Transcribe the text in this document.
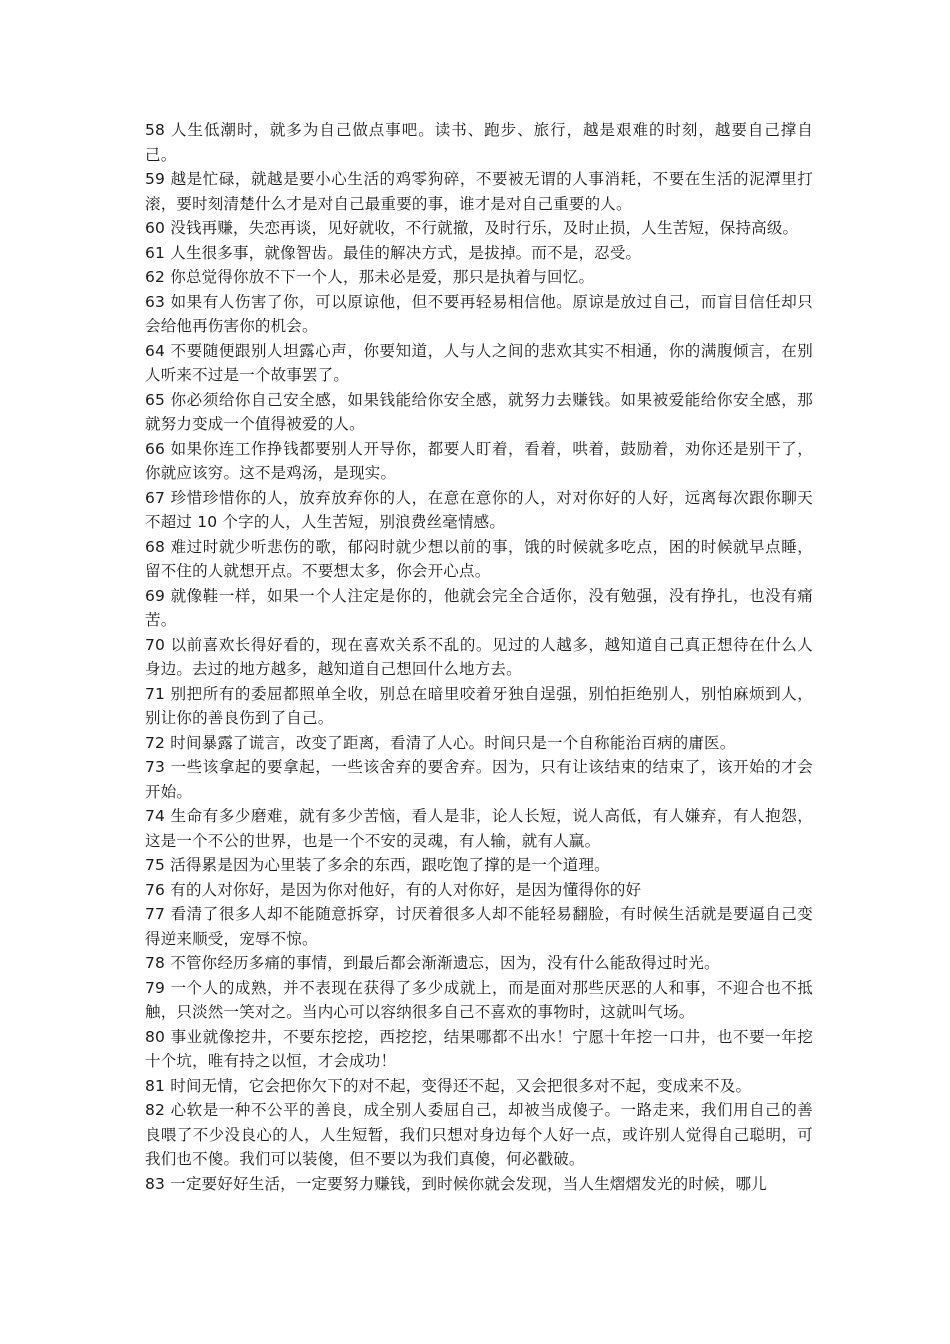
58 人生低潮时，就多为自己做点事吧。读书、跑步、旅行，越是艰难的时刻，越要自己撑自己。

59 越是忙碌，就越是要小心生活的鸡零狗碎，不要被无谓的人事消耗，不要在生活的泥潭里打滚，要时刻清楚什么才是对自己最重要的事，谁才是对自己重要的人。

60 没钱再赚，失恋再谈，见好就收，不行就撤，及时行乐，及时止损，人生苦短，保持高级。

61 人生很多事，就像智齿。最佳的解决方式，是拔掉。而不是，忍受。

62 你总觉得你放不下一个人，那未必是爱，那只是执着与回忆。

63 如果有人伤害了你，可以原谅他，但不要再轻易相信他。原谅是放过自己，而盲目信任却只会给他再伤害你的机会。

64 不要随便跟别人坦露心声，你要知道，人与人之间的悲欢其实不相通，你的满腹倾言，在别人听来不过是一个故事罢了。

65 你必须给你自己安全感，如果钱能给你安全感，就努力去赚钱。如果被爱能给你安全感，那就努力变成一个值得被爱的人。

66 如果你连工作挣钱都要别人开导你，都要人盯着，看着，哄着，鼓励着，劝你还是别干了，你就应该穷。这不是鸡汤，是现实。

67 珍惜珍惜你的人，放弃放弃你的人，在意在意你的人，对对你好的人好，远离每次跟你聊天不超过 10 个字的人，人生苦短，别浪费丝毫情感。

68 难过时就少听悲伤的歌，郁闷时就少想以前的事，饿的时候就多吃点，困的时候就早点睡，留不住的人就想开点。不要想太多，你会开心点。

69 就像鞋一样，如果一个人注定是你的，他就会完全合适你，没有勉强，没有挣扎，也没有痛苦。

70 以前喜欢长得好看的，现在喜欢关系不乱的。见过的人越多，越知道自己真正想待在什么人身边。去过的地方越多，越知道自己想回什么地方去。

71 别把所有的委屈都照单全收，别总在暗里咬着牙独自逞强，别怕拒绝别人，别怕麻烦到人，别让你的善良伤到了自己。

72 时间暴露了谎言，改变了距离，看清了人心。时间只是一个自称能治百病的庸医。

73 一些该拿起的要拿起，一些该舍弃的要舍弃。因为，只有让该结束的结束了，该开始的才会开始。

74 生命有多少磨难，就有多少苦恼，看人是非，论人长短，说人高低，有人嫌弃，有人抱怨，这是一个不公的世界，也是一个不安的灵魂，有人输，就有人赢。

75 活得累是因为心里装了多余的东西，跟吃饱了撑的是一个道理。

76 有的人对你好，是因为你对他好，有的人对你好，是因为懂得你的好

77 看清了很多人却不能随意拆穿，讨厌着很多人却不能轻易翻脸，有时候生活就是要逼自己变得逆来顺受，宠辱不惊。

78 不管你经历多痛的事情，到最后都会渐渐遗忘，因为，没有什么能敌得过时光。

79 一个人的成熟，并不表现在获得了多少成就上，而是面对那些厌恶的人和事，不迎合也不抵触，只淡然一笑对之。当内心可以容纳很多自己不喜欢的事物时，这就叫气场。

80 事业就像挖井，不要东挖挖，西挖挖，结果哪都不出水！宁愿十年挖一口井，也不要一年挖十个坑，唯有持之以恒，才会成功！

81 时间无情，它会把你欠下的对不起，变得还不起，又会把很多对不起，变成来不及。

82 心软是一种不公平的善良，成全别人委屈自己，却被当成傻子。一路走来，我们用自己的善良喂了不少没良心的人，人生短暂，我们只想对身边每个人好一点，或许别人觉得自己聪明，可我们也不傻。我们可以装傻，但不要以为我们真傻，何必戳破。

83 一定要好好生活，一定要努力赚钱，到时候你就会发现，当人生熠熠发光的时候，哪儿
